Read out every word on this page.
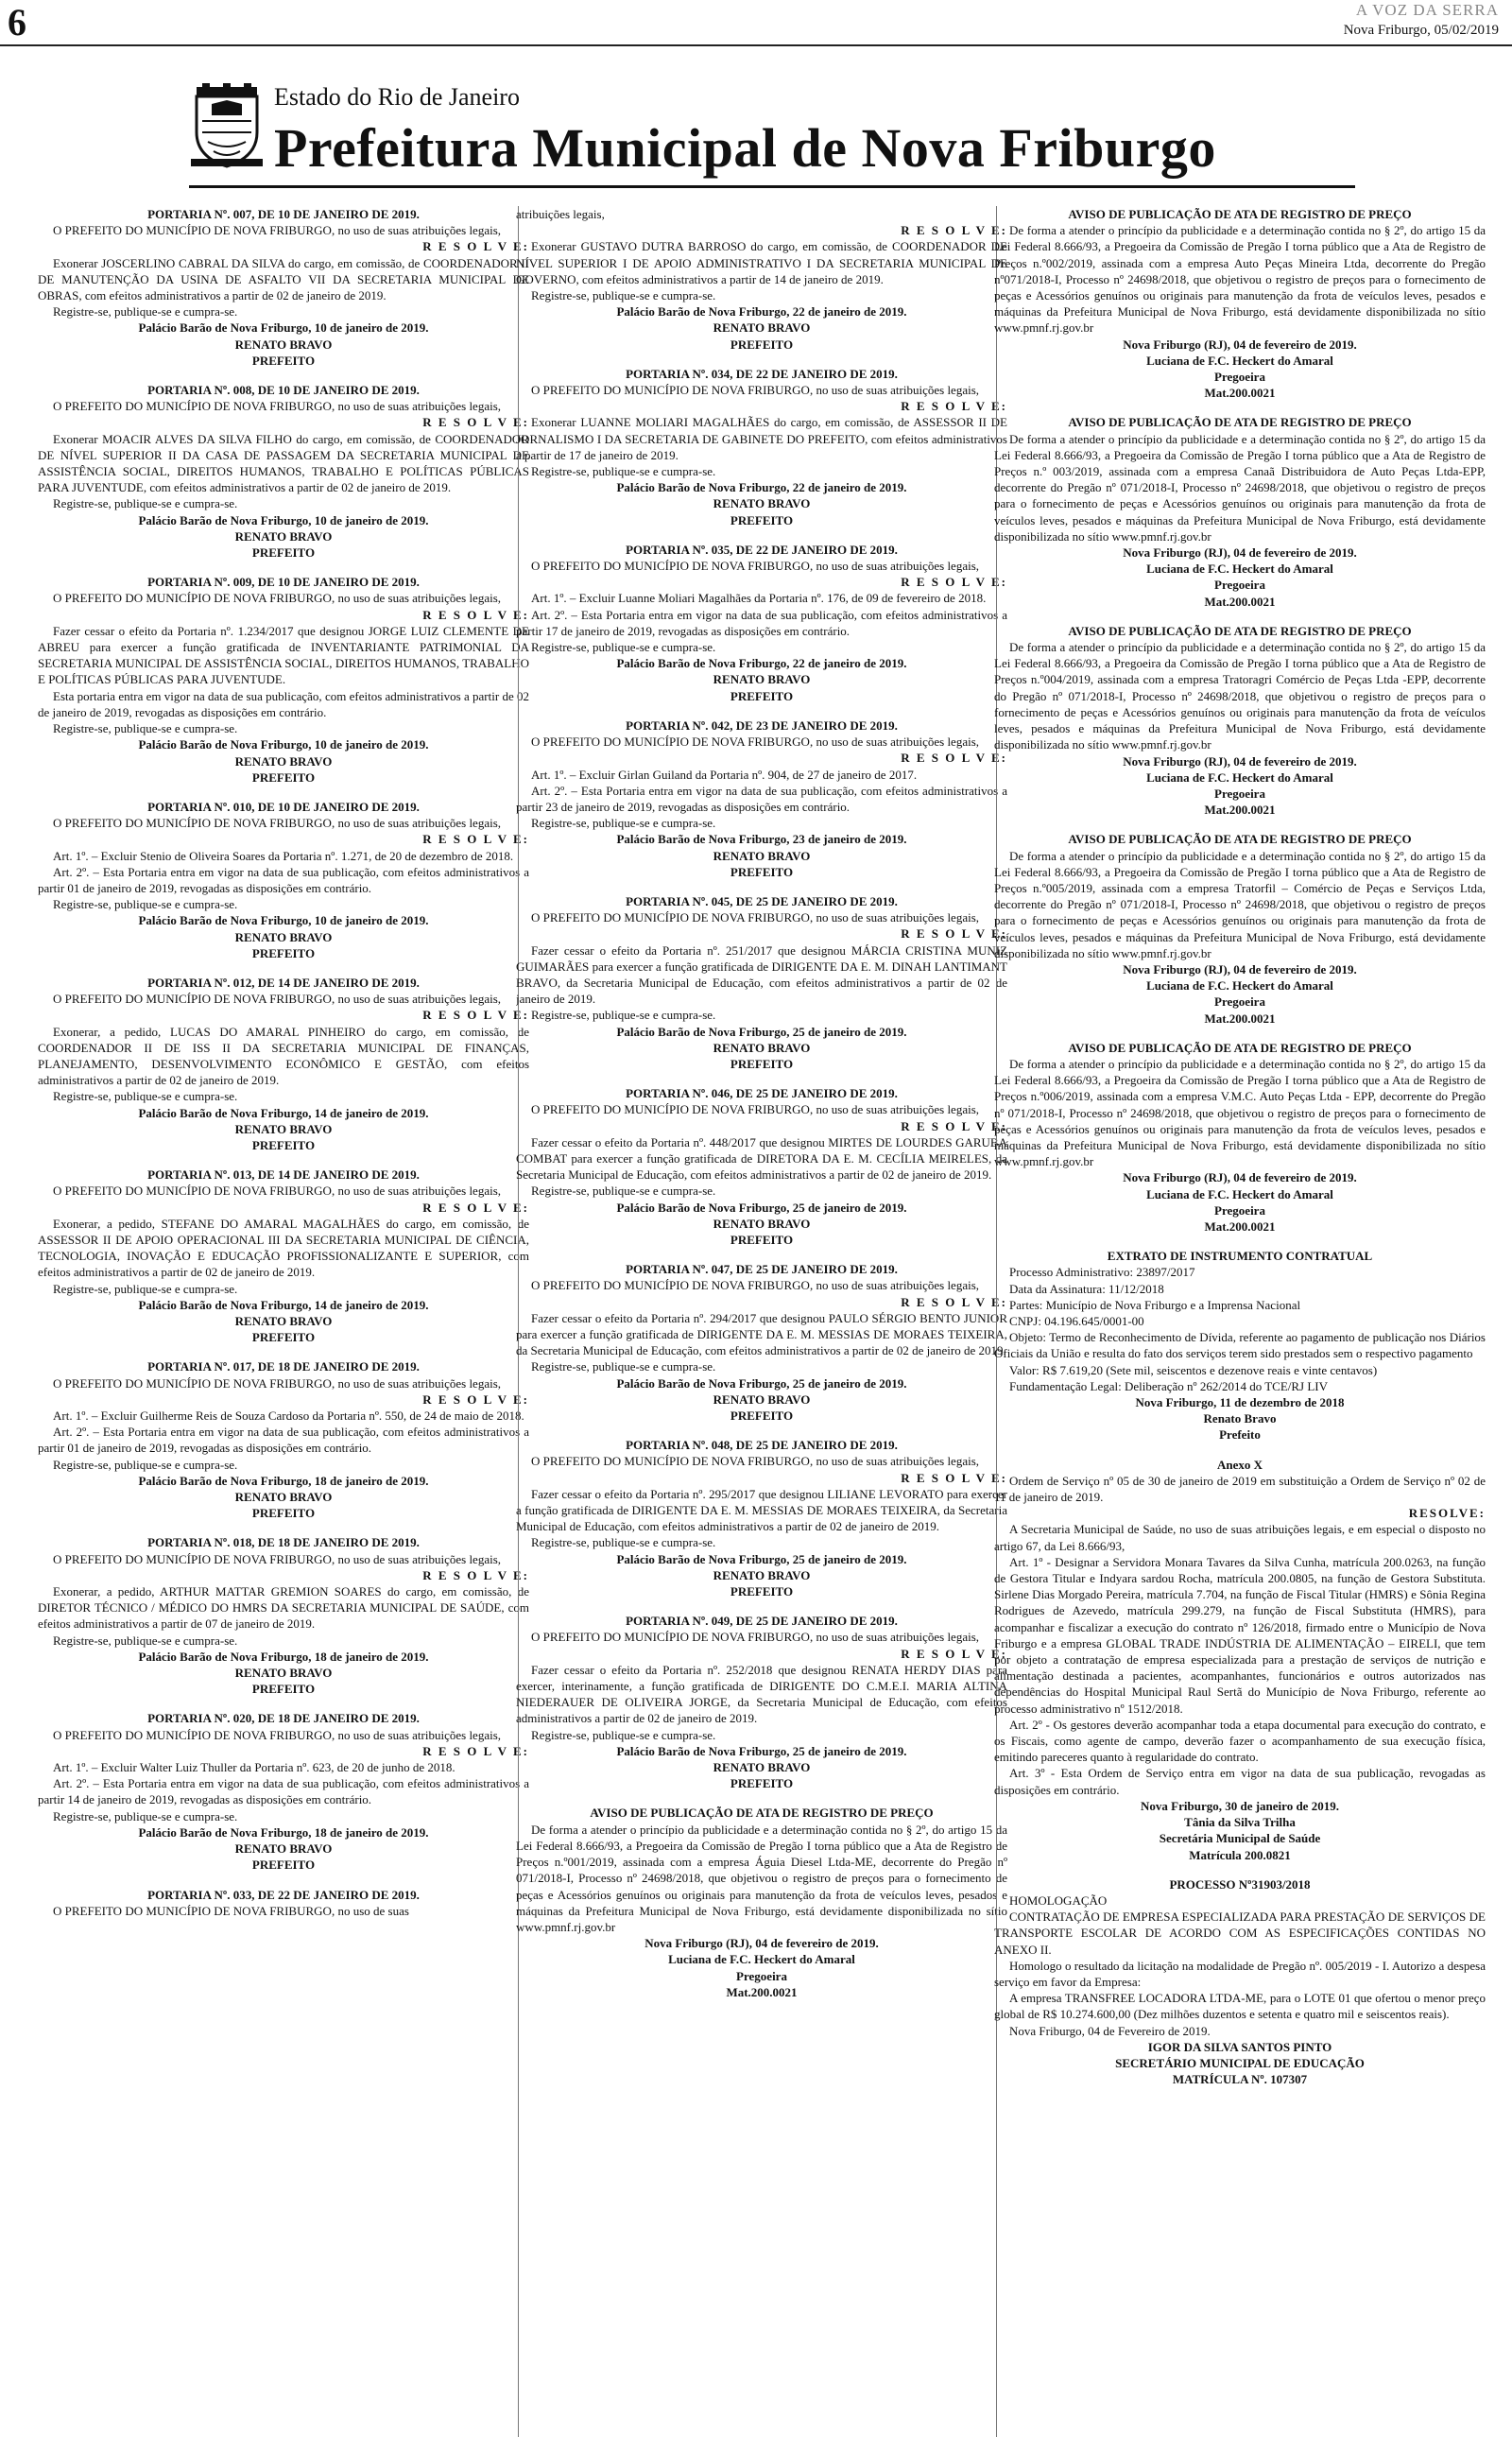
6	A VOZ DA SERRA
Nova Friburgo, 05/02/2019
Estado do Rio de Janeiro
Prefeitura Municipal de Nova Friburgo
PORTARIA Nº. 007, DE 10 DE JANEIRO DE 2019.
O PREFEITO DO MUNICÍPIO DE NOVA FRIBURGO, no uso de suas atribuições legais,
R E S O L V E:
Exonerar JOSCERLINO CABRAL DA SILVA do cargo, em comissão, de COORDENADOR II DE MANUTENÇÃO DA USINA DE ASFALTO VII DA SECRETARIA MUNICIPAL DE OBRAS, com efeitos administrativos a partir de 02 de janeiro de 2019.
Registre-se, publique-se e cumpra-se.
Palácio Barão de Nova Friburgo, 10 de janeiro de 2019.
RENATO BRAVO
PREFEITO
PORTARIA Nº. 008, DE 10 DE JANEIRO DE 2019.
O PREFEITO DO MUNICÍPIO DE NOVA FRIBURGO, no uso de suas atribuições legais,
R E S O L V E:
Exonerar MOACIR ALVES DA SILVA FILHO do cargo, em comissão, de COORDENADOR DE NÍVEL SUPERIOR II DA CASA DE PASSAGEM DA SECRETARIA MUNICIPAL DE ASSISTÊNCIA SOCIAL, DIREITOS HUMANOS, TRABALHO E POLÍTICAS PÚBLICAS PARA JUVENTUDE, com efeitos administrativos a partir de 02 de janeiro de 2019.
Registre-se, publique-se e cumpra-se.
Palácio Barão de Nova Friburgo, 10 de janeiro de 2019.
RENATO BRAVO
PREFEITO
PORTARIA Nº. 009, DE 10 DE JANEIRO DE 2019.
O PREFEITO DO MUNICÍPIO DE NOVA FRIBURGO, no uso de suas atribuições legais,
R E S O L V E:
Fazer cessar o efeito da Portaria nº. 1.234/2017 que designou JORGE LUIZ CLEMENTE DE ABREU para exercer a função gratificada de INVENTARIANTE PATRIMONIAL DA SECRETARIA MUNICIPAL DE ASSISTÊNCIA SOCIAL, DIREITOS HUMANOS, TRABALHO E POLÍTICAS PÚBLICAS PARA JUVENTUDE.
Esta portaria entra em vigor na data de sua publicação, com efeitos administrativos a partir de 02 de janeiro de 2019, revogadas as disposições em contrário.
Registre-se, publique-se e cumpra-se.
Palácio Barão de Nova Friburgo, 10 de janeiro de 2019.
RENATO BRAVO
PREFEITO
PORTARIA Nº. 010, DE 10 DE JANEIRO DE 2019.
O PREFEITO DO MUNICÍPIO DE NOVA FRIBURGO, no uso de suas atribuições legais,
R E S O L V E:
Art. 1º. – Excluir Stenio de Oliveira Soares da Portaria nº. 1.271, de 20 de dezembro de 2018.
Art. 2º. – Esta Portaria entra em vigor na data de sua publicação, com efeitos administrativos a partir 01 de janeiro de 2019, revogadas as disposições em contrário.
Registre-se, publique-se e cumpra-se.
Palácio Barão de Nova Friburgo, 10 de janeiro de 2019.
RENATO BRAVO
PREFEITO
PORTARIA Nº. 012, DE 14 DE JANEIRO DE 2019.
O PREFEITO DO MUNICÍPIO DE NOVA FRIBURGO, no uso de suas atribuições legais,
R E S O L V E:
Exonerar, a pedido, LUCAS DO AMARAL PINHEIRO do cargo, em comissão, de COORDENADOR II DE ISS II DA SECRETARIA MUNICIPAL DE FINANÇAS, PLANEJAMENTO, DESENVOLVIMENTO ECONÔMICO E GESTÃO, com efeitos administrativos a partir de 02 de janeiro de 2019.
Registre-se, publique-se e cumpra-se.
Palácio Barão de Nova Friburgo, 14 de janeiro de 2019.
RENATO BRAVO
PREFEITO
PORTARIA Nº. 013, DE 14 DE JANEIRO DE 2019.
O PREFEITO DO MUNICÍPIO DE NOVA FRIBURGO, no uso de suas atribuições legais,
R E S O L V E:
Exonerar, a pedido, STEFANE DO AMARAL MAGALHÃES do cargo, em comissão, de ASSESSOR II DE APOIO OPERACIONAL III DA SECRETARIA MUNICIPAL DE CIÊNCIA, TECNOLOGIA, INOVAÇÃO E EDUCAÇÃO PROFISSIONALIZANTE E SUPERIOR, com efeitos administrativos a partir de 02 de janeiro de 2019.
Registre-se, publique-se e cumpra-se.
Palácio Barão de Nova Friburgo, 14 de janeiro de 2019.
RENATO BRAVO
PREFEITO
PORTARIA Nº. 017, DE 18 DE JANEIRO DE 2019.
O PREFEITO DO MUNICÍPIO DE NOVA FRIBURGO, no uso de suas atribuições legais,
R E S O L V E:
Art. 1º. – Excluir Guilherme Reis de Souza Cardoso da Portaria nº. 550, de 24 de maio de 2018.
Art. 2º. – Esta Portaria entra em vigor na data de sua publicação, com efeitos administrativos a partir 01 de janeiro de 2019, revogadas as disposições em contrário.
Registre-se, publique-se e cumpra-se.
Palácio Barão de Nova Friburgo, 18 de janeiro de 2019.
RENATO BRAVO
PREFEITO
PORTARIA Nº. 018, DE 18 DE JANEIRO DE 2019.
O PREFEITO DO MUNICÍPIO DE NOVA FRIBURGO, no uso de suas atribuições legais,
R E S O L V E:
Exonerar, a pedido, ARTHUR MATTAR GREMION SOARES do cargo, em comissão, de DIRETOR TÉCNICO / MÉDICO DO HMRS DA SECRETARIA MUNICIPAL DE SAÚDE, com efeitos administrativos a partir de 07 de janeiro de 2019.
Registre-se, publique-se e cumpra-se.
Palácio Barão de Nova Friburgo, 18 de janeiro de 2019.
RENATO BRAVO
PREFEITO
PORTARIA Nº. 020, DE 18 DE JANEIRO DE 2019.
O PREFEITO DO MUNICÍPIO DE NOVA FRIBURGO, no uso de suas atribuições legais,
R E S O L V E:
Art. 1º. – Excluir Walter Luiz Thuller da Portaria nº. 623, de 20 de junho de 2018.
Art. 2º. – Esta Portaria entra em vigor na data de sua publicação, com efeitos administrativos a partir 14 de janeiro de 2019, revogadas as disposições em contrário.
Registre-se, publique-se e cumpra-se.
Palácio Barão de Nova Friburgo, 18 de janeiro de 2019.
RENATO BRAVO
PREFEITO
PORTARIA Nº. 033, DE 22 DE JANEIRO DE 2019.
O PREFEITO DO MUNICÍPIO DE NOVA FRIBURGO, no uso de suas
atribuições legais,
R E S O L V E:
Exonerar GUSTAVO DUTRA BARROSO do cargo, em comissão, de COORDENADOR DE NÍVEL SUPERIOR I DE APOIO ADMINISTRATIVO I DA SECRETARIA MUNICIPAL DE GOVERNO, com efeitos administrativos a partir de 14 de janeiro de 2019.
Registre-se, publique-se e cumpra-se.
Palácio Barão de Nova Friburgo, 22 de janeiro de 2019.
RENATO BRAVO
PREFEITO
PORTARIA Nº. 034, DE 22 DE JANEIRO DE 2019.
O PREFEITO DO MUNICÍPIO DE NOVA FRIBURGO, no uso de suas atribuições legais,
R E S O L V E:
Exonerar LUANNE MOLIARI MAGALHÃES do cargo, em comissão, de ASSESSOR II DE JORNALISMO I DA SECRETARIA DE GABINETE DO PREFEITO, com efeitos administrativos a partir de 17 de janeiro de 2019.
Registre-se, publique-se e cumpra-se.
Palácio Barão de Nova Friburgo, 22 de janeiro de 2019.
RENATO BRAVO
PREFEITO
PORTARIA Nº. 035, DE 22 DE JANEIRO DE 2019.
O PREFEITO DO MUNICÍPIO DE NOVA FRIBURGO, no uso de suas atribuições legais,
R E S O L V E:
Art. 1º. – Excluir Luanne Moliari Magalhães da Portaria nº. 176, de 09 de fevereiro de 2018.
Art. 2º. – Esta Portaria entra em vigor na data de sua publicação, com efeitos administrativos a partir 17 de janeiro de 2019, revogadas as disposições em contrário.
Registre-se, publique-se e cumpra-se.
Palácio Barão de Nova Friburgo, 22 de janeiro de 2019.
RENATO BRAVO
PREFEITO
PORTARIA Nº. 042, DE 23 DE JANEIRO DE 2019.
O PREFEITO DO MUNICÍPIO DE NOVA FRIBURGO, no uso de suas atribuições legais,
R E S O L V E:
Art. 1º. – Excluir Girlan Guiland da Portaria nº. 904, de 27 de janeiro de 2017.
Art. 2º. – Esta Portaria entra em vigor na data de sua publicação, com efeitos administrativos a partir 23 de janeiro de 2019, revogadas as disposições em contrário.
Registre-se, publique-se e cumpra-se.
Palácio Barão de Nova Friburgo, 23 de janeiro de 2019.
RENATO BRAVO
PREFEITO
PORTARIA Nº. 045, DE 25 DE JANEIRO DE 2019.
O PREFEITO DO MUNICÍPIO DE NOVA FRIBURGO, no uso de suas atribuições legais,
R E S O L V E:
Fazer cessar o efeito da Portaria nº. 251/2017 que designou MÁRCIA CRISTINA MUNIZ GUIMARÃES para exercer a função gratificada de DIRIGENTE DA E. M. DINAH LANTIMANT BRAVO, da Secretaria Municipal de Educação, com efeitos administrativos a partir de 02 de janeiro de 2019.
Registre-se, publique-se e cumpra-se.
Palácio Barão de Nova Friburgo, 25 de janeiro de 2019.
RENATO BRAVO
PREFEITO
PORTARIA Nº. 046, DE 25 DE JANEIRO DE 2019.
O PREFEITO DO MUNICÍPIO DE NOVA FRIBURGO, no uso de suas atribuições legais,
R E S O L V E:
Fazer cessar o efeito da Portaria nº. 448/2017 que designou MIRTES DE LOURDES GARUBA COMBAT para exercer a função gratificada de DIRETORA DA E. M. CECÍLIA MEIRELES, da Secretaria Municipal de Educação, com efeitos administrativos a partir de 02 de janeiro de 2019.
Registre-se, publique-se e cumpra-se.
Palácio Barão de Nova Friburgo, 25 de janeiro de 2019.
RENATO BRAVO
PREFEITO
PORTARIA Nº. 047, DE 25 DE JANEIRO DE 2019.
O PREFEITO DO MUNICÍPIO DE NOVA FRIBURGO, no uso de suas atribuições legais,
R E S O L V E:
Fazer cessar o efeito da Portaria nº. 294/2017 que designou PAULO SÉRGIO BENTO JUNIOR para exercer a função gratificada de DIRIGENTE DA E. M. MESSIAS DE MORAES TEIXEIRA, da Secretaria Municipal de Educação, com efeitos administrativos a partir de 02 de janeiro de 2019.
Registre-se, publique-se e cumpra-se.
Palácio Barão de Nova Friburgo, 25 de janeiro de 2019.
RENATO BRAVO
PREFEITO
PORTARIA Nº. 048, DE 25 DE JANEIRO DE 2019.
O PREFEITO DO MUNICÍPIO DE NOVA FRIBURGO, no uso de suas atribuições legais,
R E S O L V E:
Fazer cessar o efeito da Portaria nº. 295/2017 que designou LILIANE LEVORATO para exercer a função gratificada de DIRIGENTE DA E. M. MESSIAS DE MORAES TEIXEIRA, da Secretaria Municipal de Educação, com efeitos administrativos a partir de 02 de janeiro de 2019.
Registre-se, publique-se e cumpra-se.
Palácio Barão de Nova Friburgo, 25 de janeiro de 2019.
RENATO BRAVO
PREFEITO
PORTARIA Nº. 049, DE 25 DE JANEIRO DE 2019.
O PREFEITO DO MUNICÍPIO DE NOVA FRIBURGO, no uso de suas atribuições legais,
R E S O L V E:
Fazer cessar o efeito da Portaria nº. 252/2018 que designou RENATA HERDY DIAS para exercer, interinamente, a função gratificada de DIRIGENTE DO C.M.E.I. MARIA ALTINA NIEDERAUER DE OLIVEIRA JORGE, da Secretaria Municipal de Educação, com efeitos administrativos a partir de 02 de janeiro de 2019.
Registre-se, publique-se e cumpra-se.
Palácio Barão de Nova Friburgo, 25 de janeiro de 2019.
RENATO BRAVO
PREFEITO
AVISO DE PUBLICAÇÃO DE ATA DE REGISTRO DE PREÇO
De forma a atender o princípio da publicidade e a determinação contida no § 2º, do artigo 15 da Lei Federal 8.666/93, a Pregoeira da Comissão de Pregão I torna público que a Ata de Registro de Preços n.º001/2019, assinada com a empresa Águia Diesel Ltda-ME, decorrente do Pregão nº 071/2018-I, Processo nº 24698/2018, que objetivou o registro de preços para o fornecimento de peças e Acessórios genuínos ou originais para manutenção da frota de veículos leves, pesados e máquinas da Prefeitura Municipal de Nova Friburgo, está devidamente disponibilizada no sítio www.pmnf.rj.gov.br
Nova Friburgo (RJ), 04 de fevereiro de 2019.
Luciana de F.C. Heckert do Amaral
Pregoeira
Mat.200.0021
AVISO DE PUBLICAÇÃO DE ATA DE REGISTRO DE PREÇO
De forma a atender o princípio da publicidade e a determinação contida no § 2º, do artigo 15 da Lei Federal 8.666/93, a Pregoeira da Comissão de Pregão I torna público que a Ata de Registro de Preços n.º002/2019, assinada com a empresa Auto Peças Mineira Ltda, decorrente do Pregão nº071/2018-I, Processo nº 24698/2018, que objetivou o registro de preços para o fornecimento de peças e Acessórios genuínos ou originais para manutenção da frota de veículos leves, pesados e máquinas da Prefeitura Municipal de Nova Friburgo, está devidamente disponibilizada no sítio www.pmnf.rj.gov.br
Nova Friburgo (RJ), 04 de fevereiro de 2019.
Luciana de F.C. Heckert do Amaral
Pregoeira
Mat.200.0021
AVISO DE PUBLICAÇÃO DE ATA DE REGISTRO DE PREÇO
De forma a atender o princípio da publicidade e a determinação contida no § 2º, do artigo 15 da Lei Federal 8.666/93, a Pregoeira da Comissão de Pregão I torna público que a Ata de Registro de Preços n.º 003/2019, assinada com a empresa Canaã Distribuidora de Auto Peças Ltda-EPP, decorrente do Pregão nº 071/2018-I, Processo nº 24698/2018, que objetivou o registro de preços para o fornecimento de peças e Acessórios genuínos ou originais para manutenção da frota de veículos leves, pesados e máquinas da Prefeitura Municipal de Nova Friburgo, está devidamente disponibilizada no sítio www.pmnf.rj.gov.br
Nova Friburgo (RJ), 04 de fevereiro de 2019.
Luciana de F.C. Heckert do Amaral
Pregoeira
Mat.200.0021
AVISO DE PUBLICAÇÃO DE ATA DE REGISTRO DE PREÇO
De forma a atender o princípio da publicidade e a determinação contida no § 2º, do artigo 15 da Lei Federal 8.666/93, a Pregoeira da Comissão de Pregão I torna público que a Ata de Registro de Preços n.º004/2019, assinada com a empresa Tratoragri Comércio de Peças Ltda -EPP, decorrente do Pregão nº 071/2018-I, Processo nº 24698/2018, que objetivou o registro de preços para o fornecimento de peças e Acessórios genuínos ou originais para manutenção da frota de veículos leves, pesados e máquinas da Prefeitura Municipal de Nova Friburgo, está devidamente disponibilizada no sítio www.pmnf.rj.gov.br
Nova Friburgo (RJ), 04 de fevereiro de 2019.
Luciana de F.C. Heckert do Amaral
Pregoeira
Mat.200.0021
AVISO DE PUBLICAÇÃO DE ATA DE REGISTRO DE PREÇO
De forma a atender o princípio da publicidade e a determinação contida no § 2º, do artigo 15 da Lei Federal 8.666/93, a Pregoeira da Comissão de Pregão I torna público que a Ata de Registro de Preços n.º005/2019, assinada com a empresa Tratorfil – Comércio de Peças e Serviços Ltda, decorrente do Pregão nº 071/2018-I, Processo nº 24698/2018, que objetivou o registro de preços para o fornecimento de peças e Acessórios genuínos ou originais para manutenção da frota de veículos leves, pesados e máquinas da Prefeitura Municipal de Nova Friburgo, está devidamente disponibilizada no sítio www.pmnf.rj.gov.br
Nova Friburgo (RJ), 04 de fevereiro de 2019.
Luciana de F.C. Heckert do Amaral
Pregoeira
Mat.200.0021
AVISO DE PUBLICAÇÃO DE ATA DE REGISTRO DE PREÇO
De forma a atender o princípio da publicidade e a determinação contida no § 2º, do artigo 15 da Lei Federal 8.666/93, a Pregoeira da Comissão de Pregão I torna público que a Ata de Registro de Preços n.º006/2019, assinada com a empresa V.M.C. Auto Peças Ltda - EPP, decorrente do Pregão nº 071/2018-I, Processo nº 24698/2018, que objetivou o registro de preços para o fornecimento de peças e Acessórios genuínos ou originais para manutenção da frota de veículos leves, pesados e máquinas da Prefeitura Municipal de Nova Friburgo, está devidamente disponibilizada no sítio www.pmnf.rj.gov.br
Nova Friburgo (RJ), 04 de fevereiro de 2019.
Luciana de F.C. Heckert do Amaral
Pregoeira
Mat.200.0021
EXTRATO DE INSTRUMENTO CONTRATUAL
Processo Administrativo: 23897/2017
Data da Assinatura: 11/12/2018
Partes: Município de Nova Friburgo e a Imprensa Nacional
CNPJ: 04.196.645/0001-00
Objeto: Termo de Reconhecimento de Dívida, referente ao pagamento de publicação nos Diários Oficiais da União e resulta do fato dos serviços terem sido prestados sem o respectivo pagamento
Valor: R$ 7.619,20 (Sete mil, seiscentos e dezenove reais e vinte centavos)
Fundamentação Legal: Deliberação nº 262/2014 do TCE/RJ LIV
Nova Friburgo, 11 de dezembro de 2018
Renato Bravo
Prefeito
Anexo X
Ordem de Serviço nº 05 de 30 de janeiro de 2019 em substituição a Ordem de Serviço nº 02 de 11 de janeiro de 2019.
RESOLVE:
A Secretaria Municipal de Saúde, no uso de suas atribuições legais, e em especial o disposto no artigo 67, da Lei 8.666/93,
Art. 1º - Designar a Servidora Monara Tavares da Silva Cunha, matrícula 200.0263, na função de Gestora Titular e Indyara sardou Rocha, matrícula 200.0805, na função de Gestora Substituta. Sirlene Dias Morgado Pereira, matrícula 7.704, na função de Fiscal Titular (HMRS) e Sônia Regina Rodrigues de Azevedo, matrícula 299.279, na função de Fiscal Substituta (HMRS), para acompanhar e fiscalizar a execução do contrato nº 126/2018, firmado entre o Município de Nova Friburgo e a empresa GLOBAL TRADE INDÚSTRIA DE ALIMENTAÇÃO – EIRELI, que tem por objeto a contratação de empresa especializada para a prestação de serviços de nutrição e alimentação destinada a pacientes, acompanhantes, funcionários e outros autorizados nas dependências do Hospital Municipal Raul Sertã do Município de Nova Friburgo, referente ao processo administrativo nº 1512/2018.
Art. 2º - Os gestores deverão acompanhar toda a etapa documental para execução do contrato, e os Fiscais, como agente de campo, deverão fazer o acompanhamento de sua execução física, emitindo pareceres quanto à regularidade do contrato.
Art. 3º - Esta Ordem de Serviço entra em vigor na data de sua publicação, revogadas as disposições em contrário.
Nova Friburgo, 30 de janeiro de 2019.
Tânia da Silva Trilha
Secretária Municipal de Saúde
Matrícula 200.0821
PROCESSO Nº31903/2018
HOMOLOGAÇÃO
CONTRATAÇÃO DE EMPRESA ESPECIALIZADA PARA PRESTAÇÃO DE SERVIÇOS DE TRANSPORTE ESCOLAR DE ACORDO COM AS ESPECIFICAÇÕES CONTIDAS NO ANEXO II.
Homologo o resultado da licitação na modalidade de Pregão nº. 005/2019 - I. Autorizo a despesa serviço em favor da Empresa:
A empresa TRANSFREE LOCADORA LTDA-ME, para o LOTE 01 que ofertou o menor preço global de R$ 10.274.600,00 (Dez milhões duzentos e setenta e quatro mil e seiscentos reais).
Nova Friburgo, 04 de Fevereiro de 2019.
IGOR DA SILVA SANTOS PINTO
SECRETÁRIO MUNICIPAL DE EDUCAÇÃO
MATRÍCULA Nº. 107307
